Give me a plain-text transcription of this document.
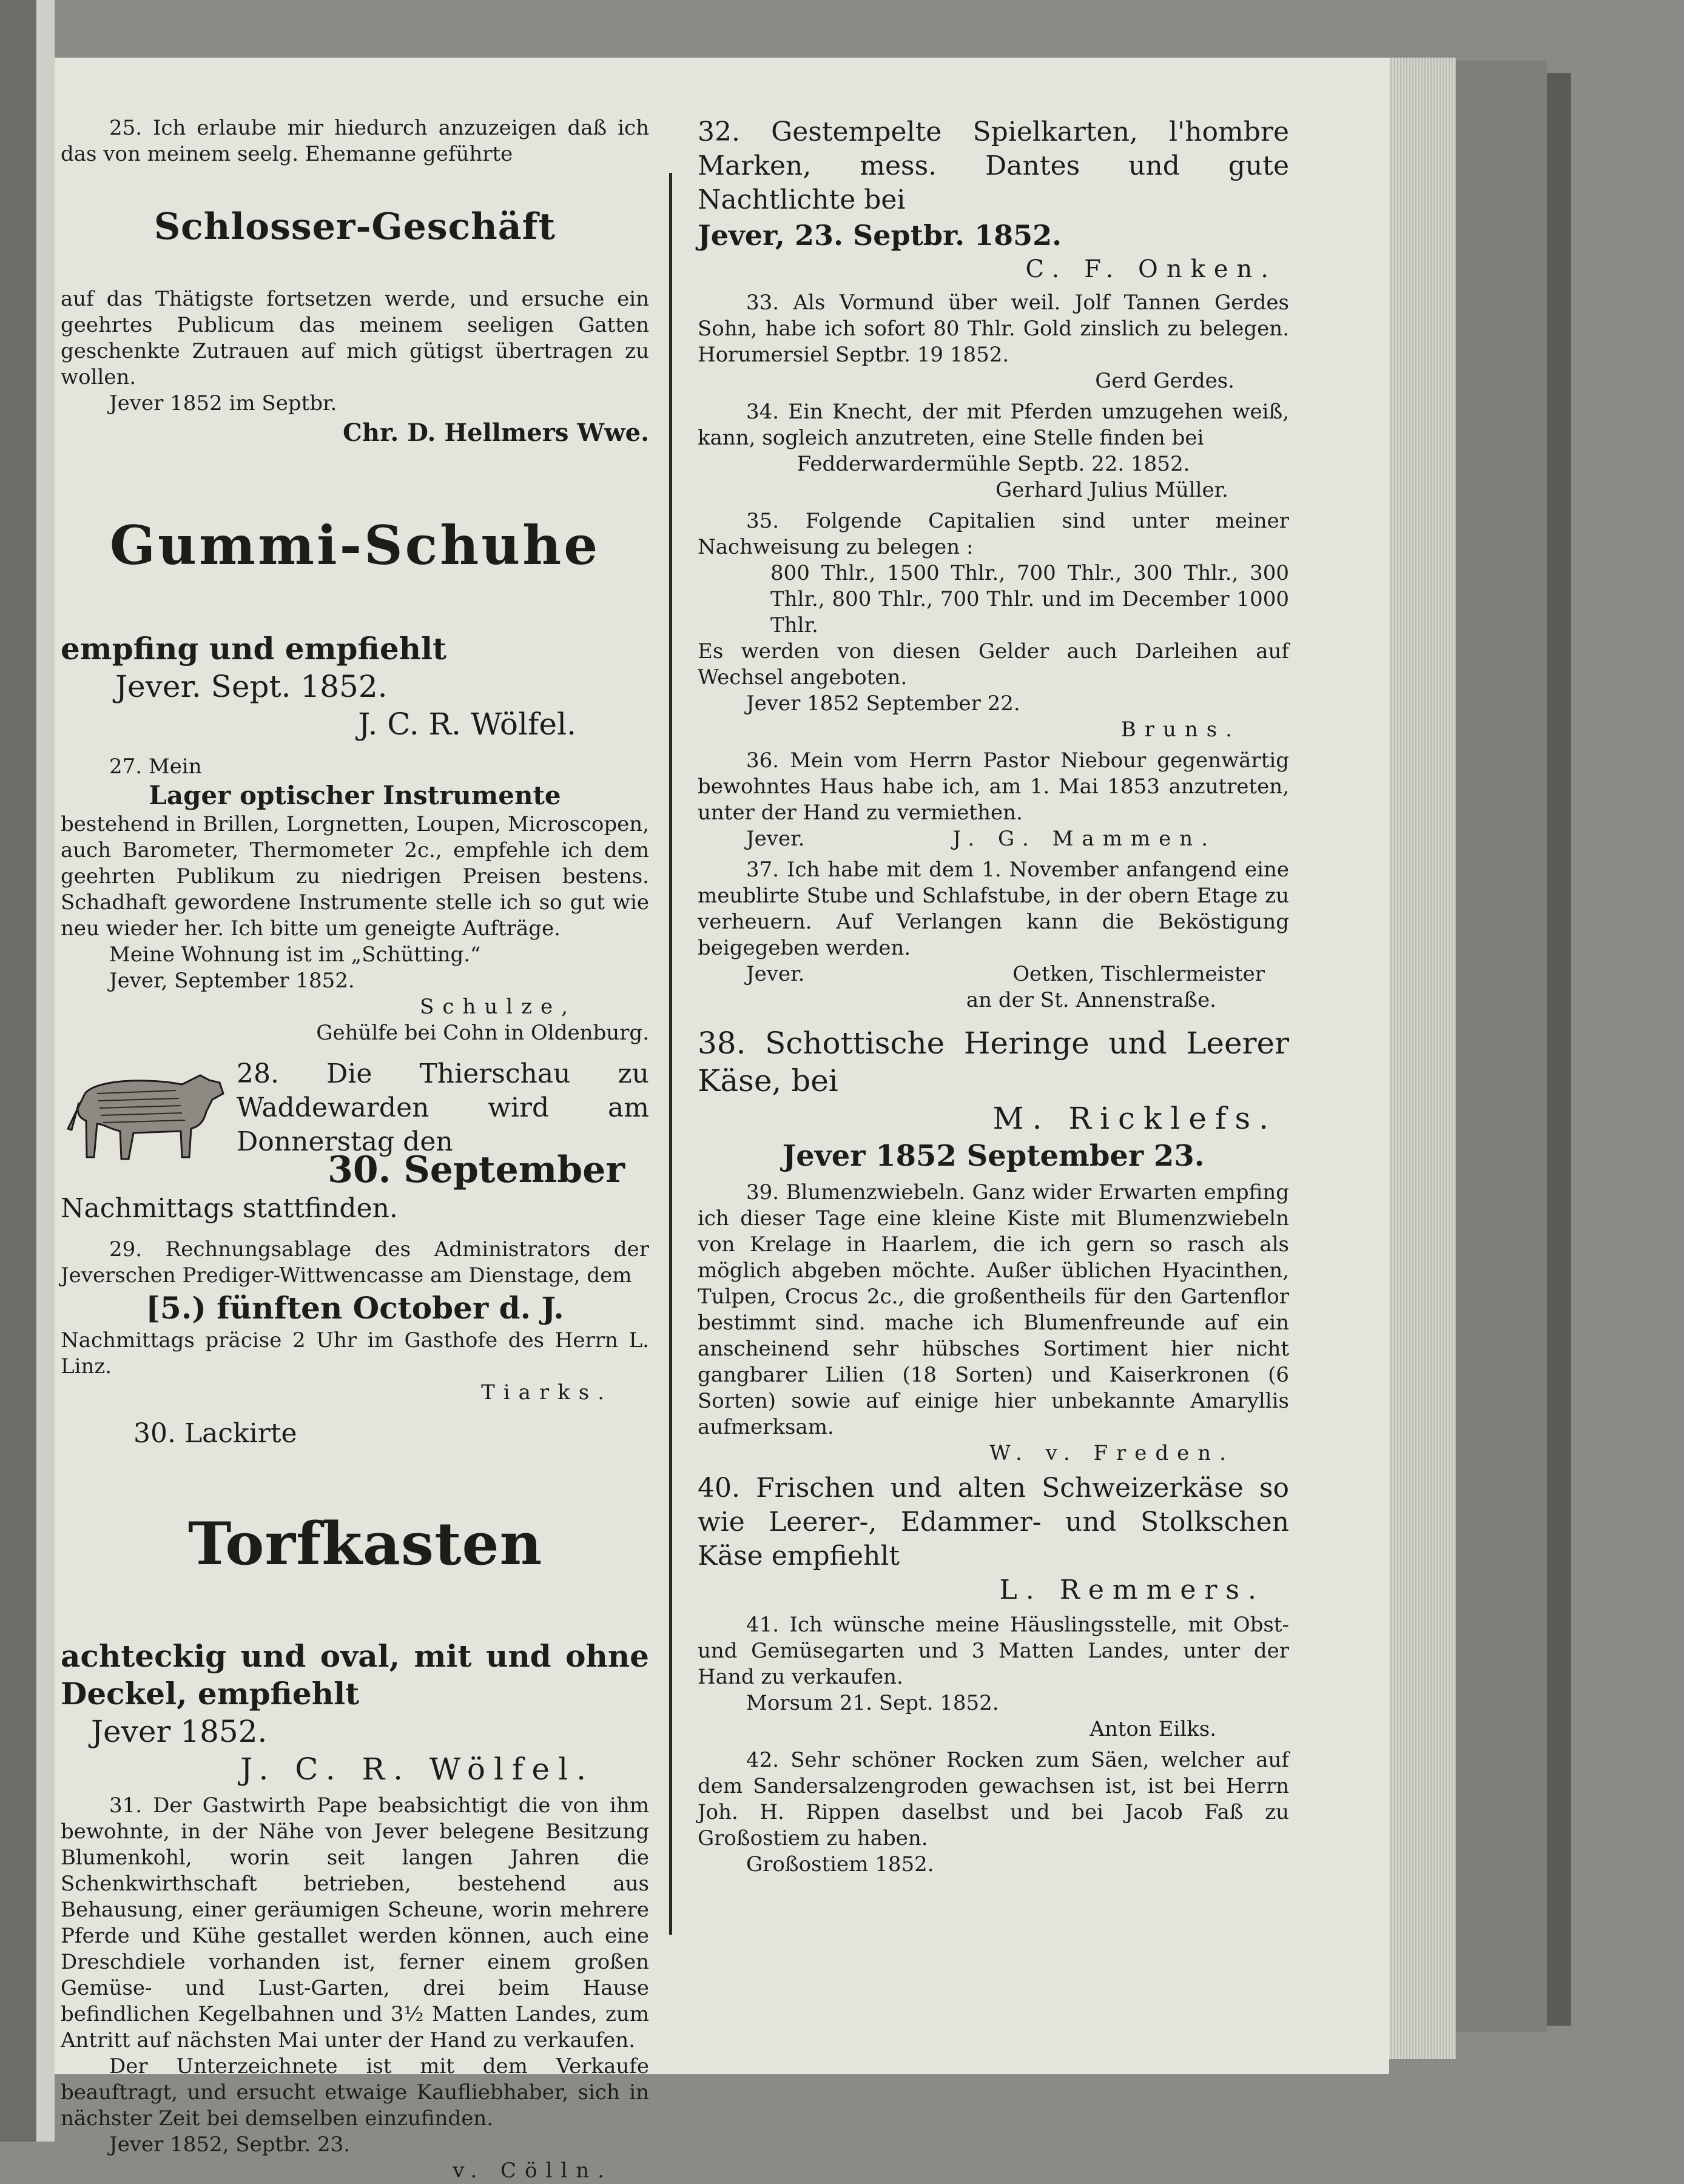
25. Ich erlaube mir hiedurch anzuzeigen daß ich das von meinem seelg. Ehemanne geführte

Schlosser-Geschäft

auf das Thätigste fortsetzen werde, und ersuche ein geehrtes Publicum das meinem seeligen Gatten geschenkte Zutrauen auf mich gütigst übertragen zu wollen.

Jever 1852 im Septbr.

Chr. D. Hellmers Wwe.

Gummi-Schuhe

empfing und empfiehlt

Jever. Sept. 1852.

J. C. R. Wölfel.

27. Mein

Lager optischer Instrumente

bestehend in Brillen, Lorgnetten, Loupen, Microscopen, auch Barometer, Thermometer 2c., empfehle ich dem geehrten Publikum zu niedrigen Preisen bestens. Schadhaft gewordene Instrumente stelle ich so gut wie neu wieder her. Ich bitte um geneigte Aufträge.

Meine Wohnung ist im „Schütting.“

Jever, September 1852.

Schulze,

Gehülfe bei Cohn in Oldenburg.

28. Die Thierschau zu Waddewarden wird am Donnerstag den

30. September

Nachmittags stattfinden.

29. Rechnungsablage des Administrators der Jeverschen Prediger-Wittwencasse am Dienstage, dem

[5.) fünften October d. J.

Nachmittags präcise 2 Uhr im Gasthofe des Herrn L. Linz.

Tiarks.

30. Lackirte

Torfkasten

achteckig und oval, mit und ohne Deckel, empfiehlt

Jever 1852.

J. C. R. Wölfel.

31. Der Gastwirth Pape beabsichtigt die von ihm bewohnte, in der Nähe von Jever belegene Besitzung Blumenkohl, worin seit langen Jahren die Schenkwirthschaft betrieben, bestehend aus Behausung, einer geräumigen Scheune, worin mehrere Pferde und Kühe gestallet werden können, auch eine Dreschdiele vorhanden ist, ferner einem großen Gemüse- und Lust-Garten, drei beim Hause befindlichen Kegelbahnen und 3½ Matten Landes, zum Antritt auf nächsten Mai unter der Hand zu verkaufen.

Der Unterzeichnete ist mit dem Verkaufe beauftragt, und ersucht etwaige Kaufliebhaber, sich in nächster Zeit bei demselben einzufinden.

Jever 1852, Septbr. 23.

v. Cölln.

32. Gestempelte Spielkarten, l'hombre Marken, mess. Dantes und gute Nachtlichte bei

Jever, 23. Septbr. 1852.

C. F. Onken.

33. Als Vormund über weil. Jolf Tannen Gerdes Sohn, habe ich sofort 80 Thlr. Gold zinslich zu belegen. Horumersiel Septbr. 19 1852.

Gerd Gerdes.

34. Ein Knecht, der mit Pferden umzugehen weiß, kann, sogleich anzutreten, eine Stelle finden bei

Fedderwardermühle Septb. 22. 1852.

Gerhard Julius Müller.

35. Folgende Capitalien sind unter meiner Nachweisung zu belegen :

800 Thlr., 1500 Thlr., 700 Thlr., 300 Thlr., 300 Thlr., 800 Thlr., 700 Thlr. und im December 1000 Thlr.

Es werden von diesen Gelder auch Darleihen auf Wechsel angeboten.

Jever 1852 September 22.

Bruns.

36. Mein vom Herrn Pastor Niebour gegenwärtig bewohntes Haus habe ich, am 1. Mai 1853 anzutreten, unter der Hand zu vermiethen.

Jever.	J. G. Mammen.

37. Ich habe mit dem 1. November anfangend eine meublirte Stube und Schlafstube, in der obern Etage zu verheuern. Auf Verlangen kann die Beköstigung beigegeben werden.

Jever.	Oetken, Tischlermeister

an der St. Annenstraße.

38. Schottische Heringe und Leerer Käse, bei

M. Ricklefs.

Jever 1852 September 23.

39. Blumenzwiebeln. Ganz wider Erwarten empfing ich dieser Tage eine kleine Kiste mit Blumenzwiebeln von Krelage in Haarlem, die ich gern so rasch als möglich abgeben möchte. Außer üblichen Hyacinthen, Tulpen, Crocus 2c., die großentheils für den Gartenflor bestimmt sind. mache ich Blumenfreunde auf ein anscheinend sehr hübsches Sortiment hier nicht gangbarer Lilien (18 Sorten) und Kaiserkronen (6 Sorten) sowie auf einige hier unbekannte Amaryllis aufmerksam.

W. v. Freden.

40. Frischen und alten Schweizerkäse so wie Leerer-, Edammer- und Stolkschen Käse empfiehlt

L. Remmers.

41. Ich wünsche meine Häuslingsstelle, mit Obst- und Gemüsegarten und 3 Matten Landes, unter der Hand zu verkaufen.

Morsum 21. Sept. 1852.

Anton Eilks.

42. Sehr schöner Rocken zum Säen, welcher auf dem Sandersalzengroden gewachsen ist, ist bei Herrn Joh. H. Rippen daselbst und bei Jacob Faß zu Großostiem zu haben.

Großostiem 1852.
